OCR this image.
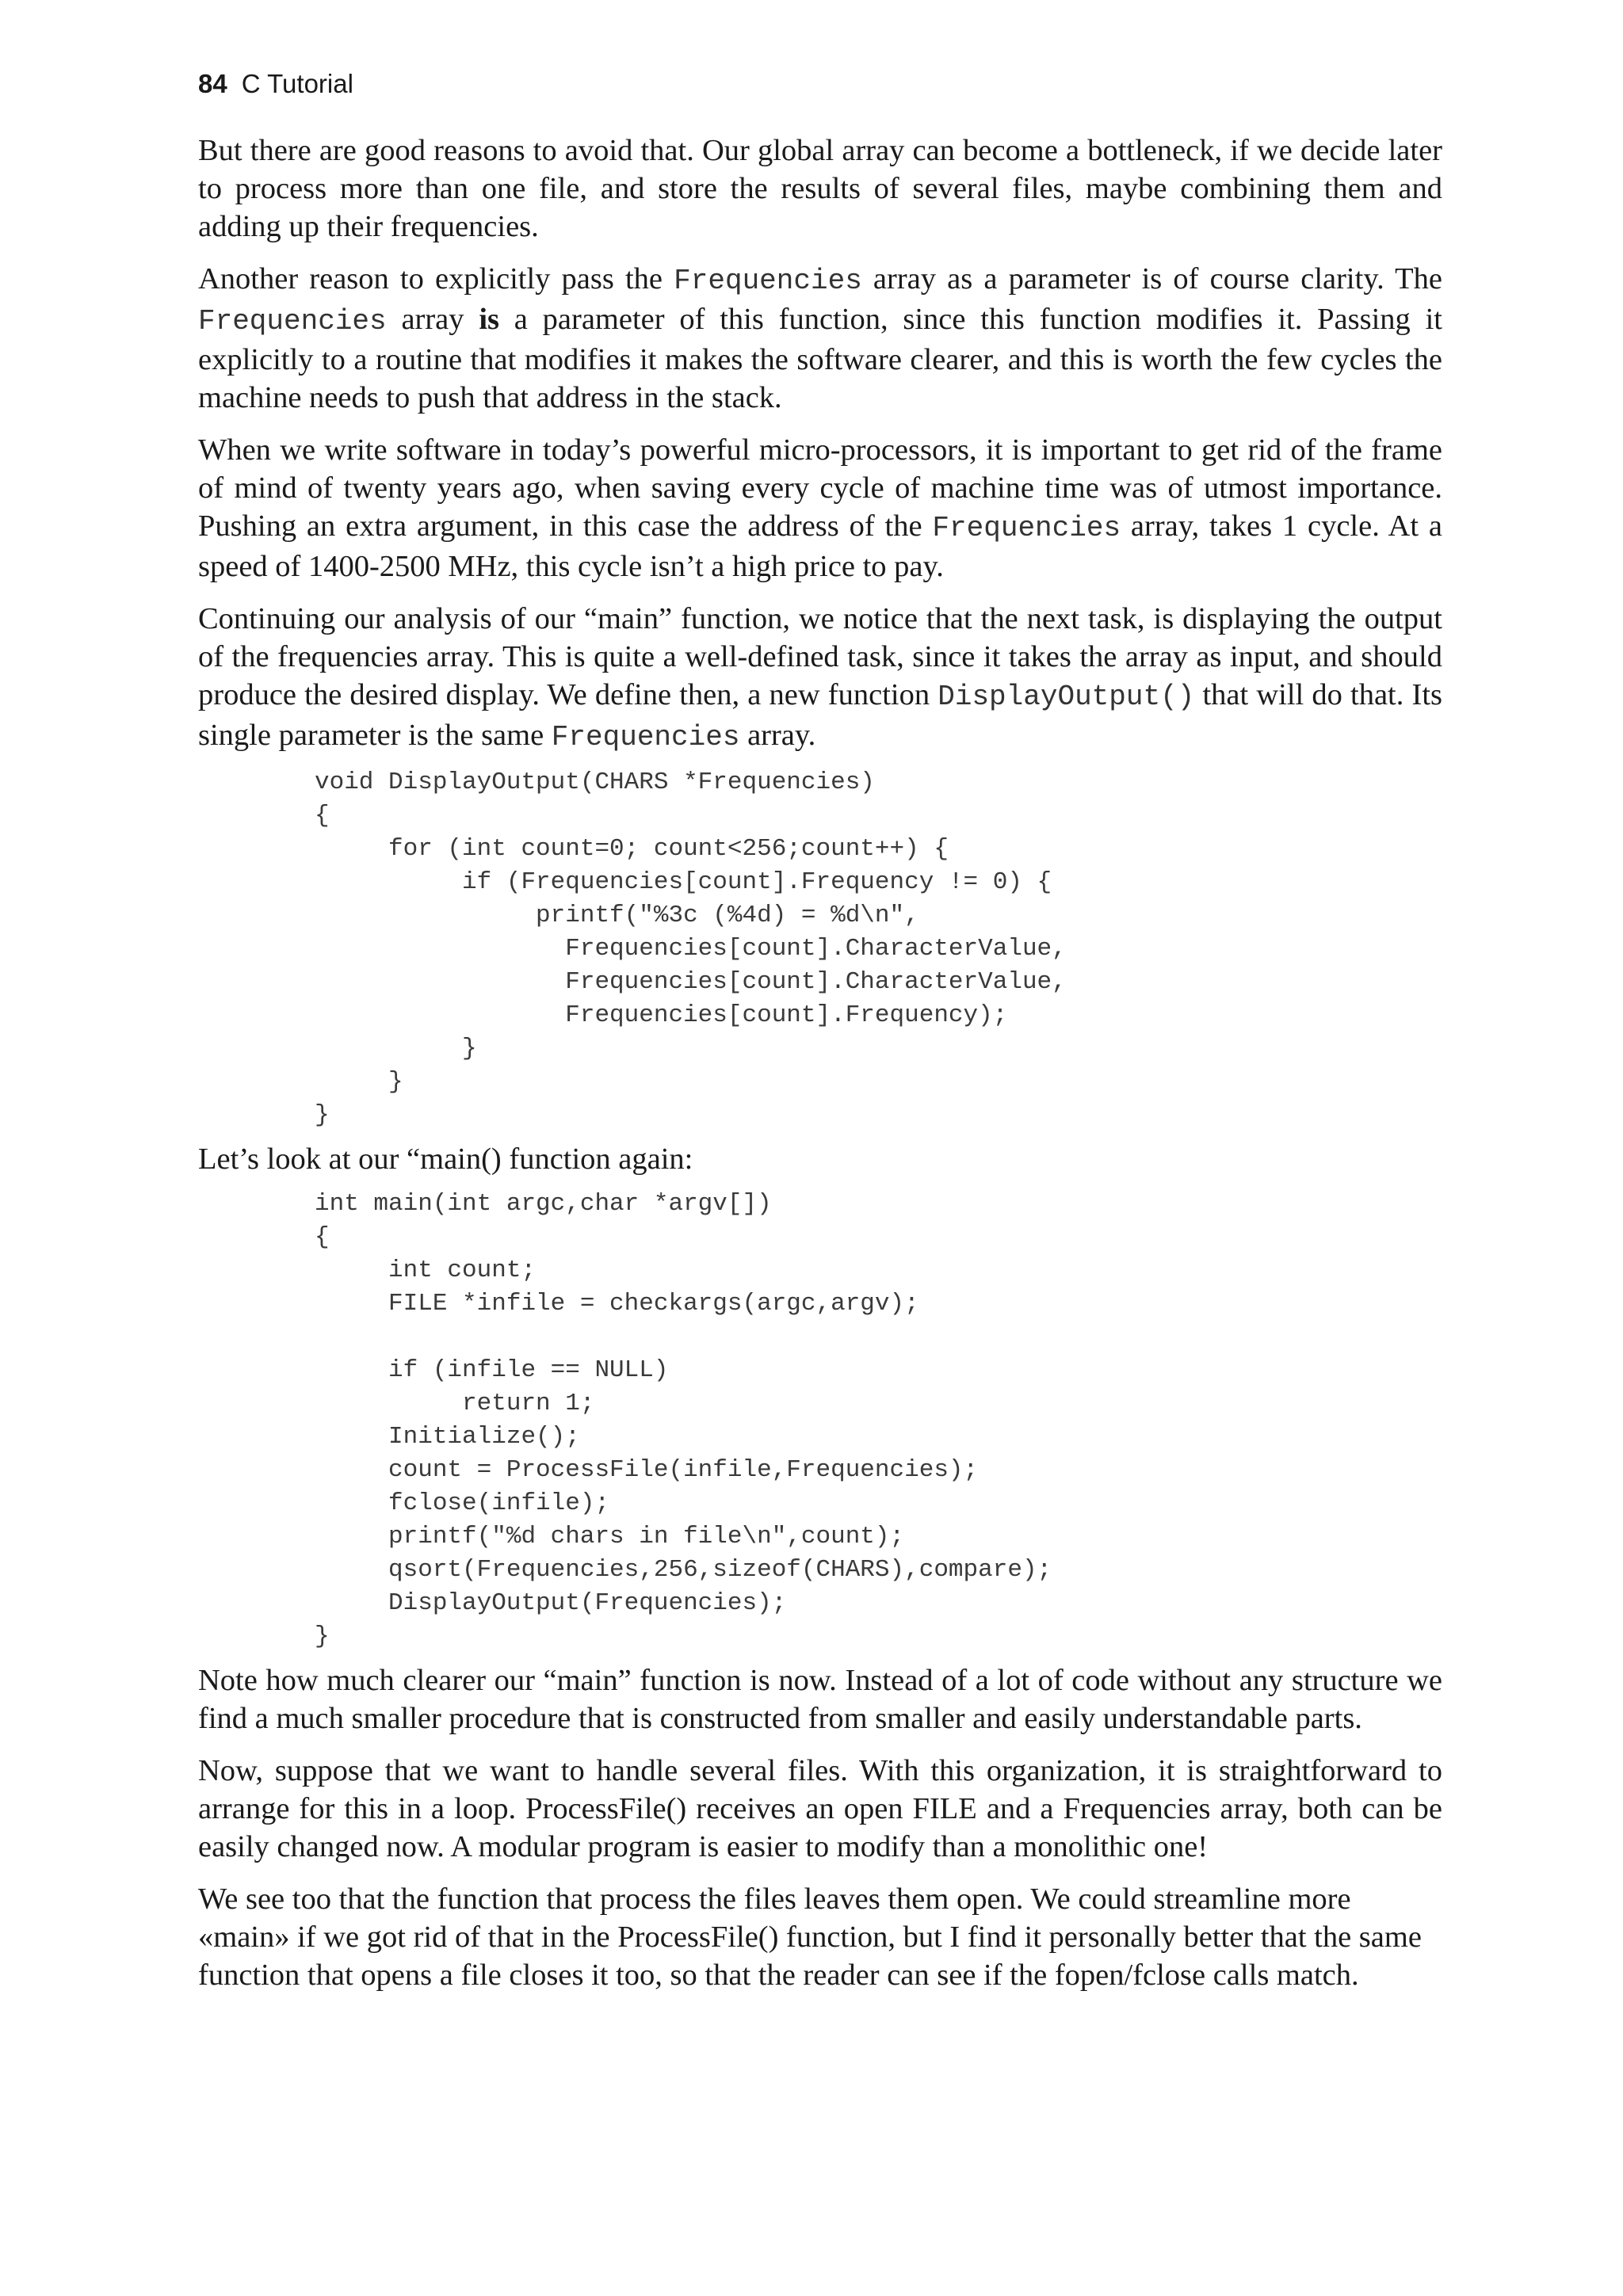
84 C Tutorial

But there are good reasons to avoid that. Our global array can become a bottleneck, if we decide later to process more than one file, and store the results of several files, maybe combining them and adding up their frequencies.

Another reason to explicitly pass the Frequencies array as a parameter is of course clarity. The Frequencies array is a parameter of this function, since this function modifies it. Passing it explicitly to a routine that modifies it makes the software clearer, and this is worth the few cycles the machine needs to push that address in the stack.

When we write software in today’s powerful micro-processors, it is important to get rid of the frame of mind of twenty years ago, when saving every cycle of machine time was of utmost importance. Pushing an extra argument, in this case the address of the Frequencies array, takes 1 cycle. At a speed of 1400-2500 MHz, this cycle isn’t a high price to pay.

Continuing our analysis of our “main” function, we notice that the next task, is displaying the output of the frequencies array. This is quite a well-defined task, since it takes the array as input, and should produce the desired display. We define then, a new function DisplayOutput() that will do that. Its single parameter is the same Frequencies array.

void DisplayOutput(CHARS *Frequencies)
{
for (int count=0; count<256;count++) {
if (Frequencies[count].Frequency != 0) {
printf("%3c (%4d) = %d\n",
Frequencies[count].CharacterValue,
Frequencies[count].CharacterValue,
Frequencies[count].Frequency);
}
}
}

Let’s look at our “main() function again:

int main(int argc,char *argv[])
{
int count;
FILE *infile = checkargs(argc,argv);

if (infile == NULL)
return 1;
Initialize();
count = ProcessFile(infile,Frequencies);
fclose(infile);
printf("%d chars in file\n",count);
qsort(Frequencies,256,sizeof(CHARS),compare);
DisplayOutput(Frequencies);
}

Note how much clearer our “main” function is now. Instead of a lot of code without any structure we find a much smaller procedure that is constructed from smaller and easily understandable parts.

Now, suppose that we want to handle several files. With this organization, it is straightforward to arrange for this in a loop. ProcessFile() receives an open FILE and a Frequencies array, both can be easily changed now. A modular program is easier to modify than a monolithic one!

We see too that the function that process the files leaves them open. We could streamline more «main» if we got rid of that in the ProcessFile() function, but I find it personally better that the same function that opens a file closes it too, so that the reader can see if the fopen/fclose calls match.
